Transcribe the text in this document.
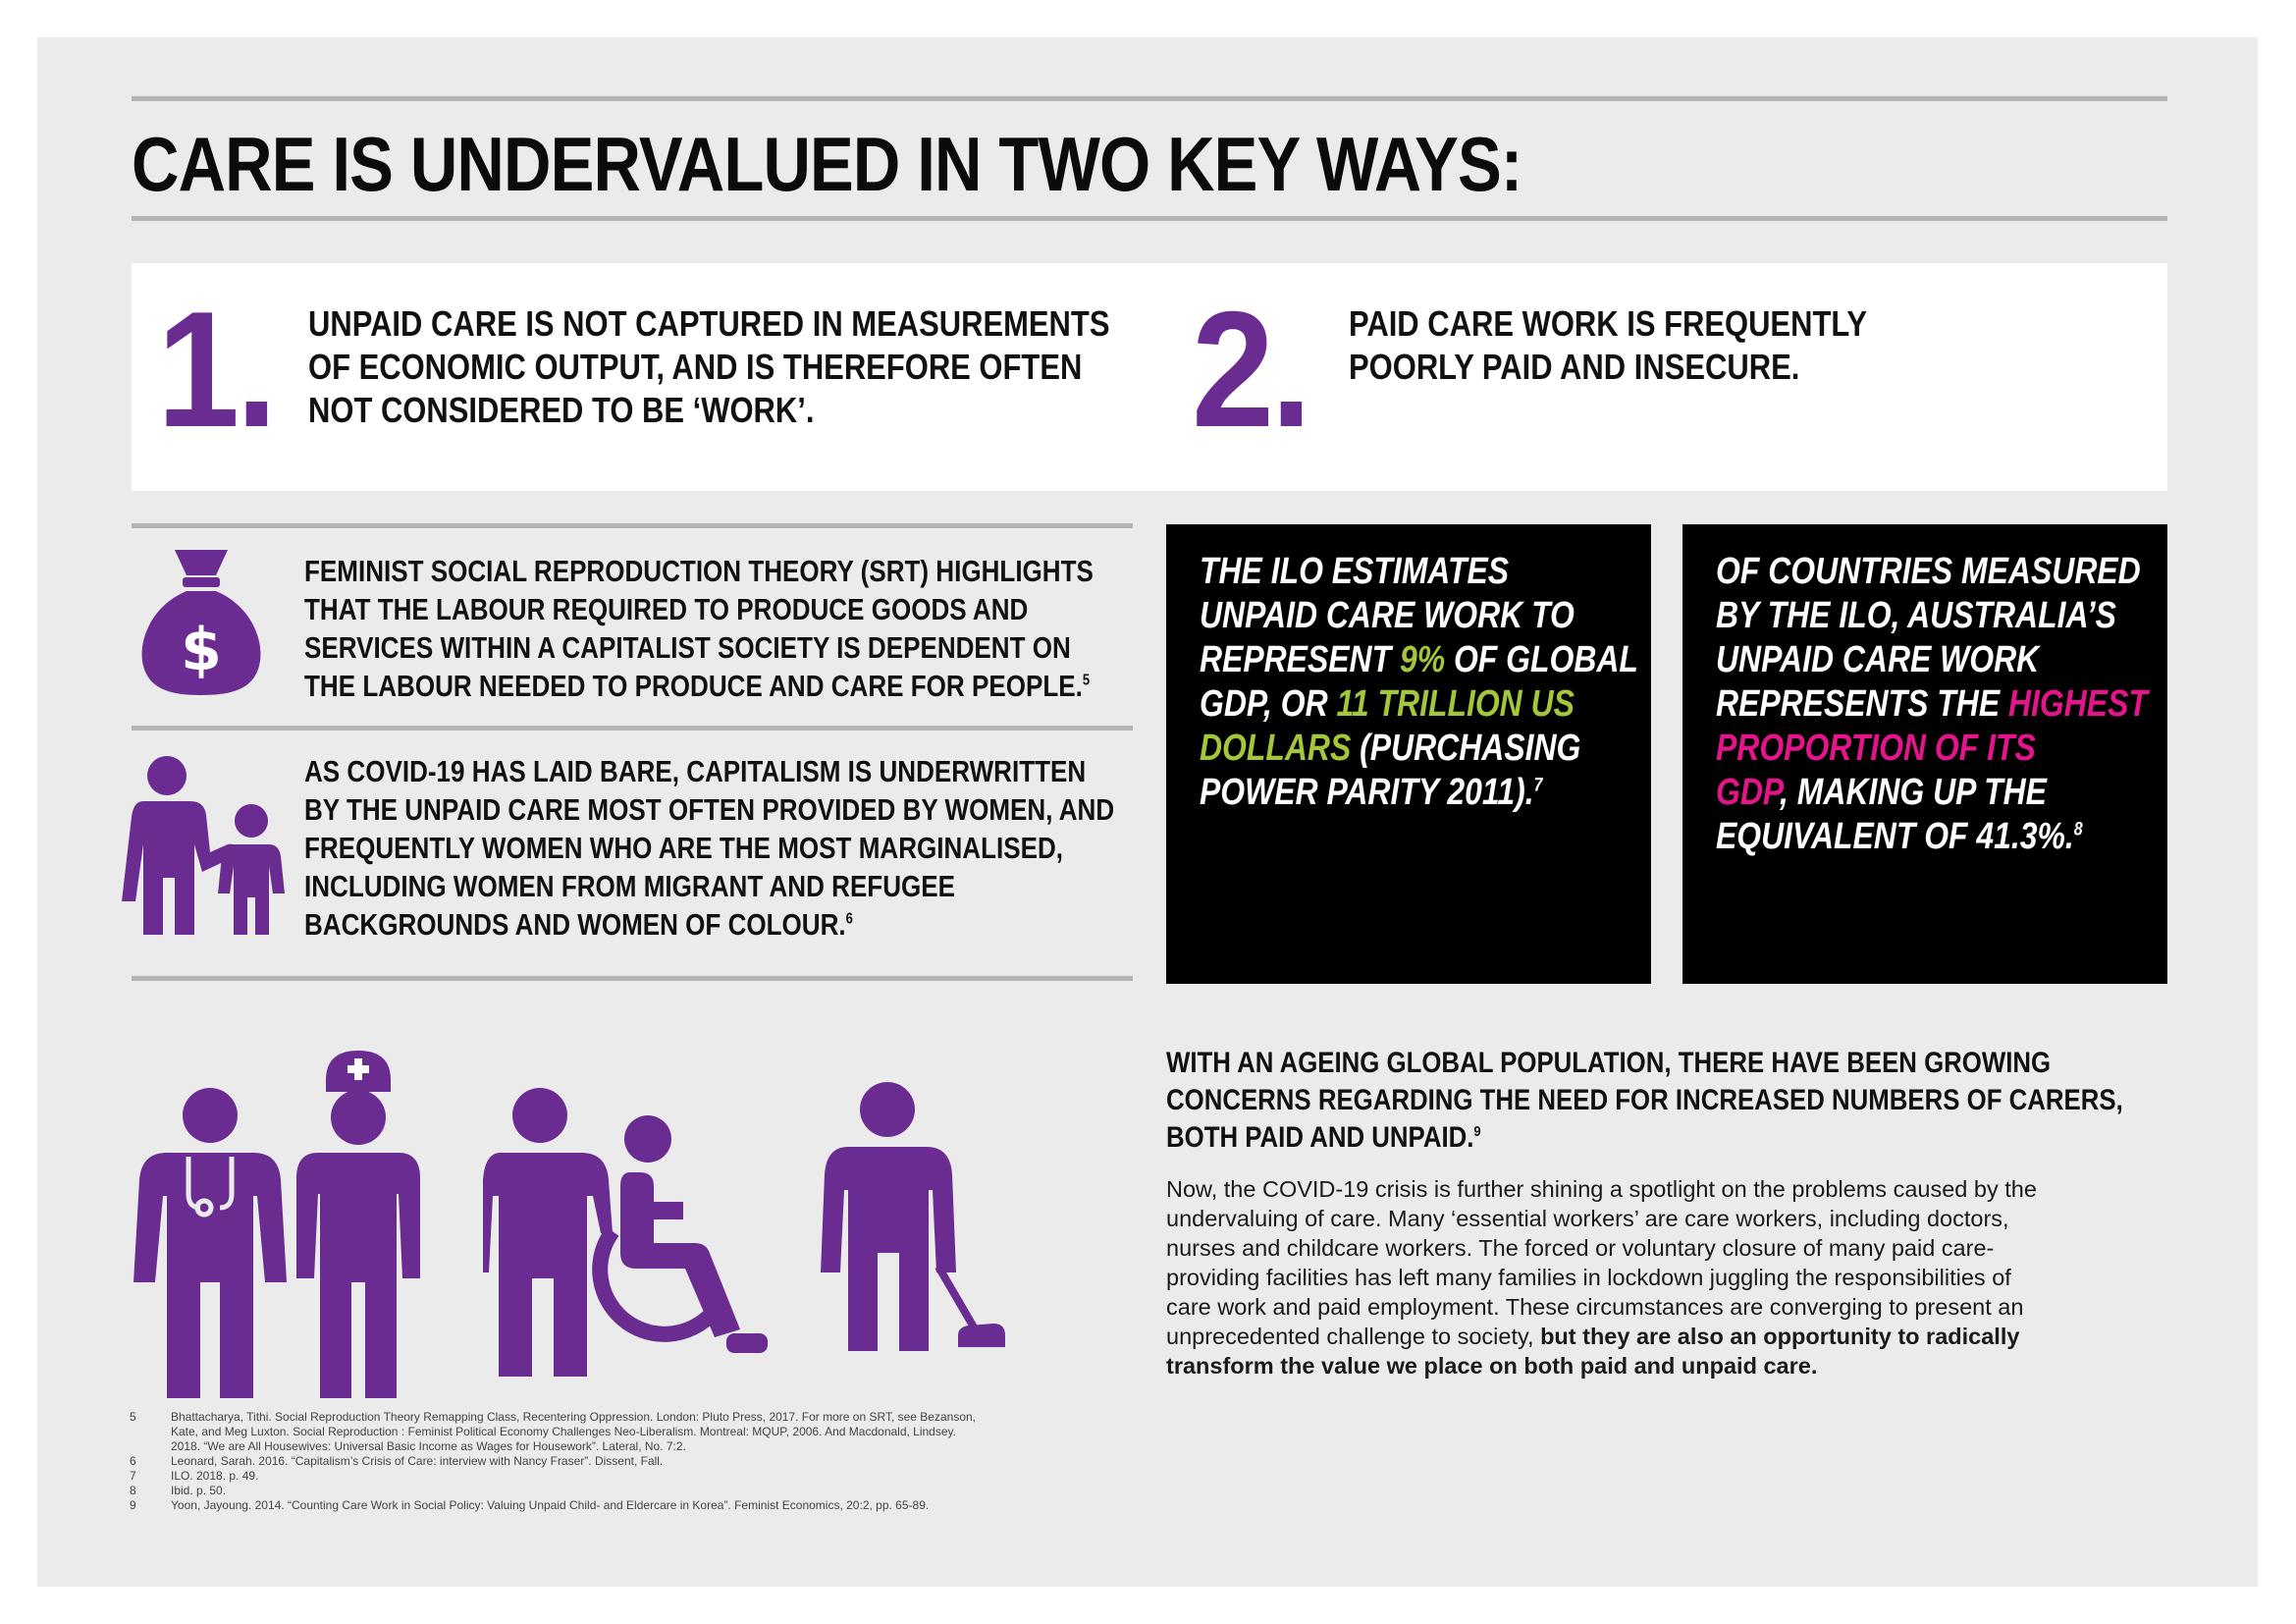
CARE IS UNDERVALUED IN TWO KEY WAYS:
1. UNPAID CARE IS NOT CAPTURED IN MEASUREMENTS
OF ECONOMIC OUTPUT, AND IS THEREFORE OFTEN
NOT CONSIDERED TO BE ‘WORK’.	2. PAID CARE WORK IS FREQUENTLY
POORLY PAID AND INSECURE.
$
FEMINIST SOCIAL REPRODUCTION THEORY (SRT) HIGHLIGHTS
THAT THE LABOUR REQUIRED TO PRODUCE GOODS AND
SERVICES WITHIN A CAPITALIST SOCIETY IS DEPENDENT ON
THE LABOUR NEEDED TO PRODUCE AND CARE FOR PEOPLE.$^5$
AS COVID-19 HAS LAID BARE, CAPITALISM IS UNDERWRITTEN
BY THE UNPAID CARE MOST OFTEN PROVIDED BY WOMEN, AND
FREQUENTLY WOMEN WHO ARE THE MOST MARGINALISED,
INCLUDING WOMEN FROM MIGRANT AND REFUGEE
BACKGROUNDS AND WOMEN OF COLOUR.$^6$
THE ILO ESTIMATES
UNPAID CARE WORK TO
REPRESENT 9% OF GLOBAL
GDP, OR 11 TRILLION US
DOLLARS (PURCHASING
POWER PARITY 2011).$^7$
OF COUNTRIES MEASURED
BY THE ILO, AUSTRALIA’S
UNPAID CARE WORK
REPRESENTS THE HIGHEST
PROPORTION OF ITS
GDP, MAKING UP THE
EQUIVALENT OF 41.3%.$^8$
WITH AN AGEING GLOBAL POPULATION, THERE HAVE BEEN GROWING
CONCERNS REGARDING THE NEED FOR INCREASED NUMBERS OF CARERS,
BOTH PAID AND UNPAID.$^9$
Now, the COVID-19 crisis is further shining a spotlight on the problems caused by the
undervaluing of care. Many ‘essential workers’ are care workers, including doctors,
nurses and childcare workers. The forced or voluntary closure of many paid care-
providing facilities has left many families in lockdown juggling the responsibilities of
care work and paid employment. These circumstances are converging to present an
unprecedented challenge to society, but they are also an opportunity to radically
transform the value we place on both paid and unpaid care.
5	Bhattacharya, Tithi. Social Reproduction Theory Remapping Class, Recentering Oppression. London: Pluto Press, 2017. For more on SRT, see Bezanson,
Kate, and Meg Luxton. Social Reproduction : Feminist Political Economy Challenges Neo-Liberalism. Montreal: MQUP, 2006. And Macdonald, Lindsey.
2018. “We are All Housewives: Universal Basic Income as Wages for Housework”. Lateral, No. 7:2.
6	Leonard, Sarah. 2016. “Capitalism’s Crisis of Care: interview with Nancy Fraser”. Dissent, Fall.
7	ILO. 2018. p. 49.
8	Ibid. p. 50.
9	Yoon, Jayoung. 2014. “Counting Care Work in Social Policy: Valuing Unpaid Child- and Eldercare in Korea”. Feminist Economics, 20:2, pp. 65-89.
